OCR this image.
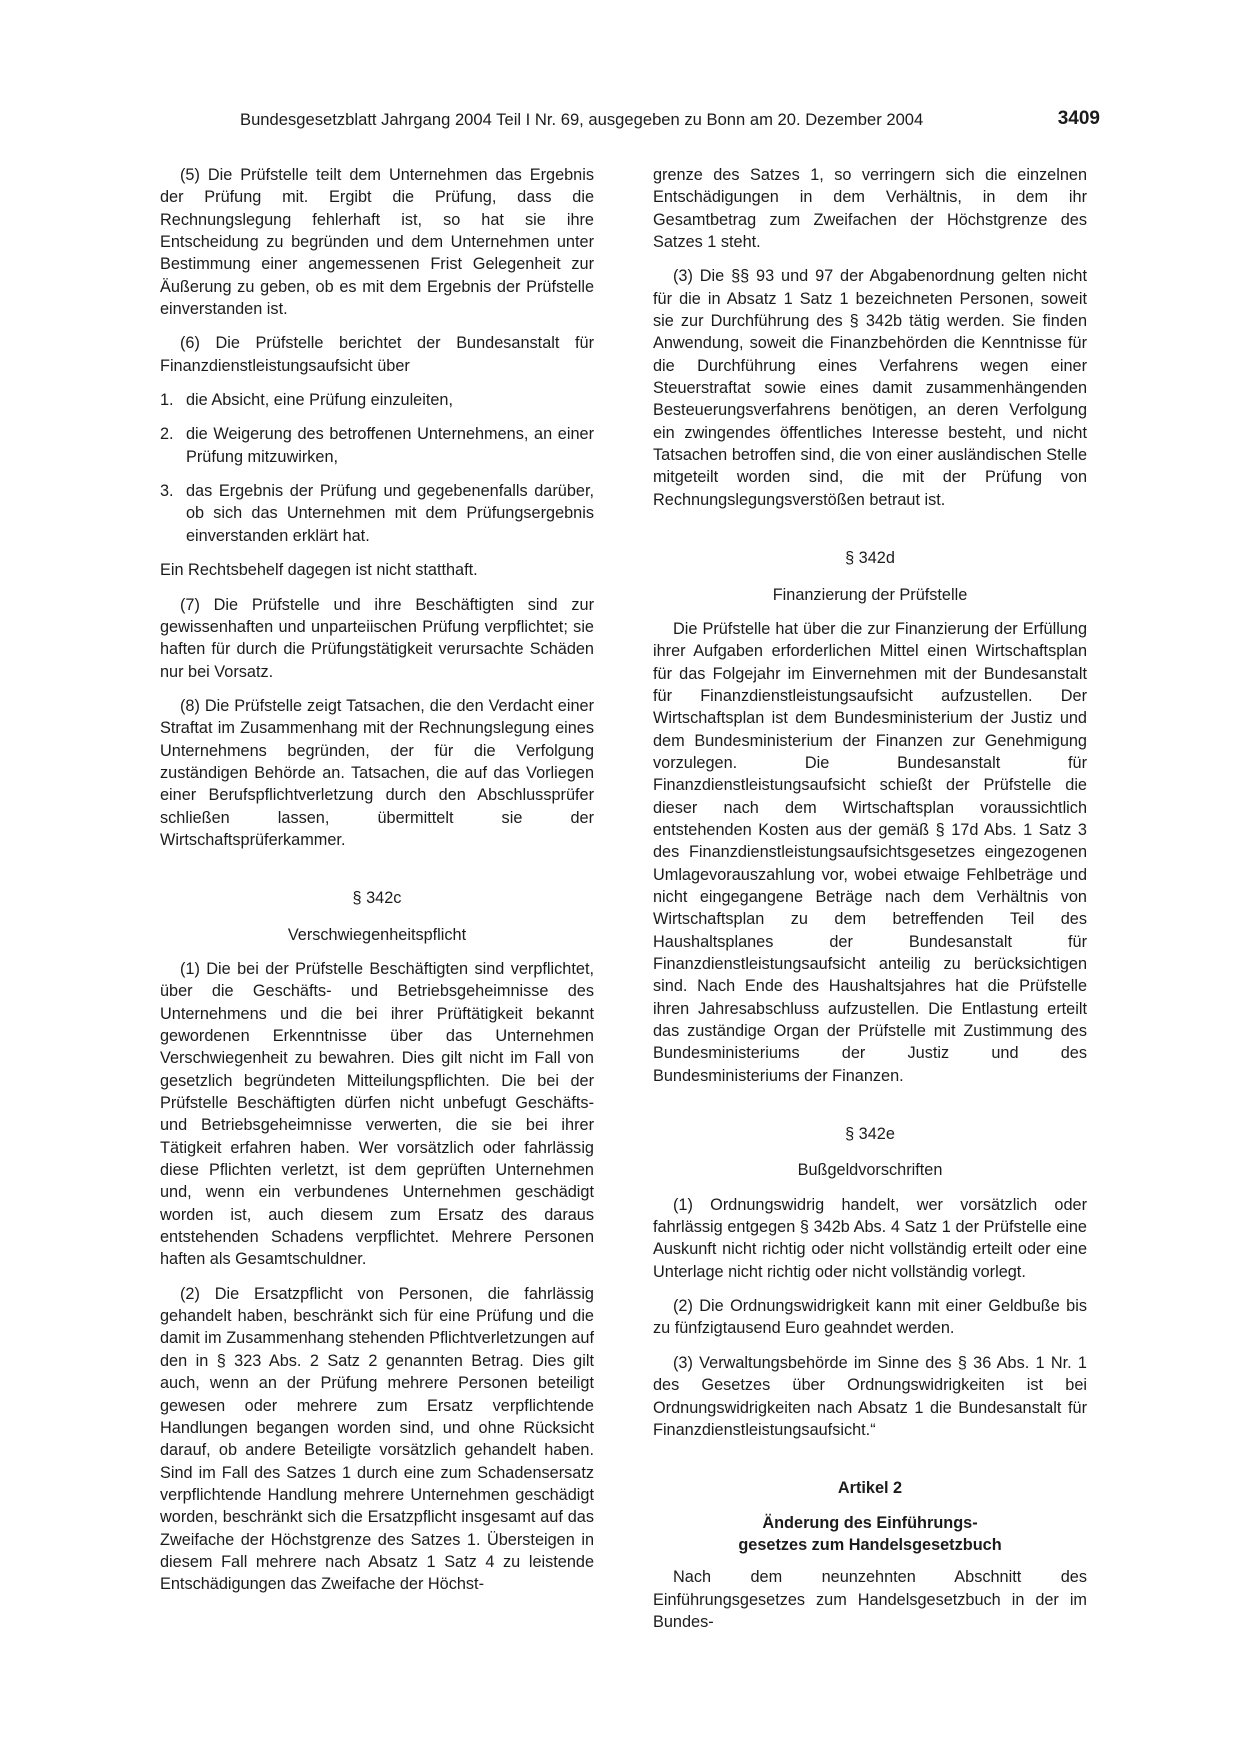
Bundesgesetzblatt Jahrgang 2004 Teil I Nr. 69, ausgegeben zu Bonn am 20. Dezember 2004	3409

(5) Die Prüfstelle teilt dem Unternehmen das Ergebnis der Prüfung mit. Ergibt die Prüfung, dass die Rechnungslegung fehlerhaft ist, so hat sie ihre Entscheidung zu begründen und dem Unternehmen unter Bestimmung einer angemessenen Frist Gelegenheit zur Äußerung zu geben, ob es mit dem Ergebnis der Prüfstelle einverstanden ist.

(6) Die Prüfstelle berichtet der Bundesanstalt für Finanzdienstleistungsaufsicht über

1. die Absicht, eine Prüfung einzuleiten,
2. die Weigerung des betroffenen Unternehmens, an einer Prüfung mitzuwirken,
3. das Ergebnis der Prüfung und gegebenenfalls darüber, ob sich das Unternehmen mit dem Prüfungsergebnis einverstanden erklärt hat.

Ein Rechtsbehelf dagegen ist nicht statthaft.

(7) Die Prüfstelle und ihre Beschäftigten sind zur gewissenhaften und unparteiischen Prüfung verpflichtet; sie haften für durch die Prüfungstätigkeit verursachte Schäden nur bei Vorsatz.

(8) Die Prüfstelle zeigt Tatsachen, die den Verdacht einer Straftat im Zusammenhang mit der Rechnungslegung eines Unternehmens begründen, der für die Verfolgung zuständigen Behörde an. Tatsachen, die auf das Vorliegen einer Berufspflichtverletzung durch den Abschlussprüfer schließen lassen, übermittelt sie der Wirtschaftsprüferkammer.

§ 342c
Verschwiegenheitspflicht

(1) Die bei der Prüfstelle Beschäftigten sind verpflichtet, über die Geschäfts- und Betriebsgeheimnisse des Unternehmens und die bei ihrer Prüftätigkeit bekannt gewordenen Erkenntnisse über das Unternehmen Verschwiegenheit zu bewahren. Dies gilt nicht im Fall von gesetzlich begründeten Mitteilungspflichten. Die bei der Prüfstelle Beschäftigten dürfen nicht unbefugt Geschäfts- und Betriebsgeheimnisse verwerten, die sie bei ihrer Tätigkeit erfahren haben. Wer vorsätzlich oder fahrlässig diese Pflichten verletzt, ist dem geprüften Unternehmen und, wenn ein verbundenes Unternehmen geschädigt worden ist, auch diesem zum Ersatz des daraus entstehenden Schadens verpflichtet. Mehrere Personen haften als Gesamtschuldner.

(2) Die Ersatzpflicht von Personen, die fahrlässig gehandelt haben, beschränkt sich für eine Prüfung und die damit im Zusammenhang stehenden Pflichtverletzungen auf den in § 323 Abs. 2 Satz 2 genannten Betrag. Dies gilt auch, wenn an der Prüfung mehrere Personen beteiligt gewesen oder mehrere zum Ersatz verpflichtende Handlungen begangen worden sind, und ohne Rücksicht darauf, ob andere Beteiligte vorsätzlich gehandelt haben. Sind im Fall des Satzes 1 durch eine zum Schadensersatz verpflichtende Handlung mehrere Unternehmen geschädigt worden, beschränkt sich die Ersatzpflicht insgesamt auf das Zweifache der Höchstgrenze des Satzes 1. Übersteigen in diesem Fall mehrere nach Absatz 1 Satz 4 zu leistende Entschädigungen das Zweifache der Höchst-

grenze des Satzes 1, so verringern sich die einzelnen Entschädigungen in dem Verhältnis, in dem ihr Gesamtbetrag zum Zweifachen der Höchstgrenze des Satzes 1 steht.

(3) Die §§ 93 und 97 der Abgabenordnung gelten nicht für die in Absatz 1 Satz 1 bezeichneten Personen, soweit sie zur Durchführung des § 342b tätig werden. Sie finden Anwendung, soweit die Finanzbehörden die Kenntnisse für die Durchführung eines Verfahrens wegen einer Steuerstraftat sowie eines damit zusammenhängenden Besteuerungsverfahrens benötigen, an deren Verfolgung ein zwingendes öffentliches Interesse besteht, und nicht Tatsachen betroffen sind, die von einer ausländischen Stelle mitgeteilt worden sind, die mit der Prüfung von Rechnungslegungsverstößen betraut ist.

§ 342d
Finanzierung der Prüfstelle

Die Prüfstelle hat über die zur Finanzierung der Erfüllung ihrer Aufgaben erforderlichen Mittel einen Wirtschaftsplan für das Folgejahr im Einvernehmen mit der Bundesanstalt für Finanzdienstleistungsaufsicht aufzustellen. Der Wirtschaftsplan ist dem Bundesministerium der Justiz und dem Bundesministerium der Finanzen zur Genehmigung vorzulegen. Die Bundesanstalt für Finanzdienstleistungsaufsicht schießt der Prüfstelle die dieser nach dem Wirtschaftsplan voraussichtlich entstehenden Kosten aus der gemäß § 17d Abs. 1 Satz 3 des Finanzdienstleistungsaufsichtsgesetzes eingezogenen Umlagevorauszahlung vor, wobei etwaige Fehlbeträge und nicht eingegangene Beträge nach dem Verhältnis von Wirtschaftsplan zu dem betreffenden Teil des Haushaltsplanes der Bundesanstalt für Finanzdienstleistungsaufsicht anteilig zu berücksichtigen sind. Nach Ende des Haushaltsjahres hat die Prüfstelle ihren Jahresabschluss aufzustellen. Die Entlastung erteilt das zuständige Organ der Prüfstelle mit Zustimmung des Bundesministeriums der Justiz und des Bundesministeriums der Finanzen.

§ 342e
Bußgeldvorschriften

(1) Ordnungswidrig handelt, wer vorsätzlich oder fahrlässig entgegen § 342b Abs. 4 Satz 1 der Prüfstelle eine Auskunft nicht richtig oder nicht vollständig erteilt oder eine Unterlage nicht richtig oder nicht vollständig vorlegt.

(2) Die Ordnungswidrigkeit kann mit einer Geldbuße bis zu fünfzigtausend Euro geahndet werden.

(3) Verwaltungsbehörde im Sinne des § 36 Abs. 1 Nr. 1 des Gesetzes über Ordnungswidrigkeiten ist bei Ordnungswidrigkeiten nach Absatz 1 die Bundesanstalt für Finanzdienstleistungsaufsicht.“

Artikel 2
Änderung des Einführungs-
gesetzes zum Handelsgesetzbuch

Nach dem neunzehnten Abschnitt des Einführungsgesetzes zum Handelsgesetzbuch in der im Bundes-
